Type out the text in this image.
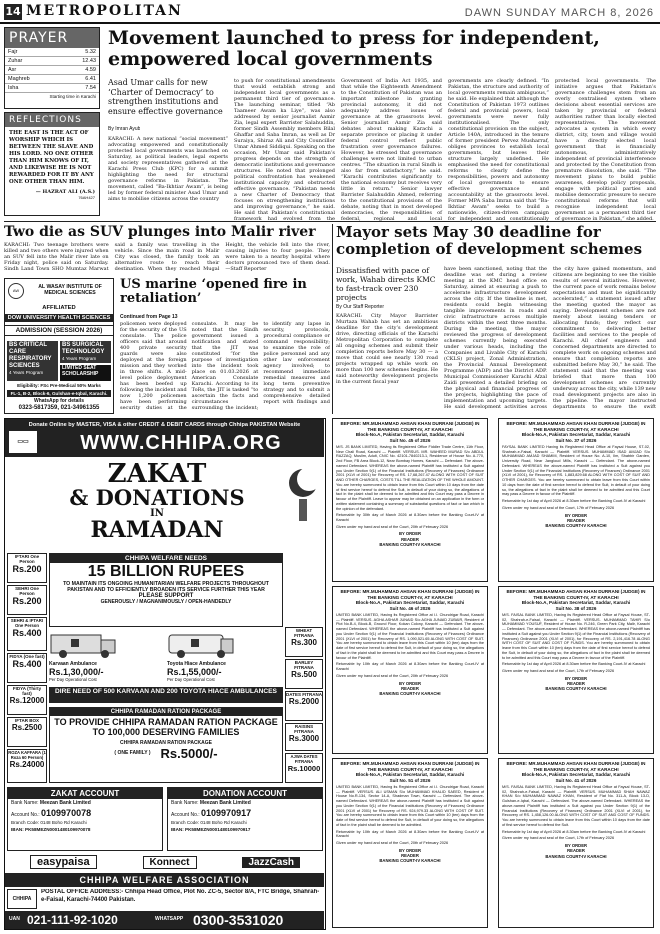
14 METROPOLITAN	DAWN SUNDAY MARCH 8, 2026
PRAYER
Fajr	5.32
Zuhar	12.43
Asr	4.59
Maghreb	6.41
Isha	7.54
Starting time in Karachi
REFLECTIONS
THE EAST IS THE ACT OF WORSHIP WHICH IS BETWEEN THE SLAVE AND HIS LORD. NO ONE OTHER THAN HIM KNOWS OF IT, AND LIKEWISE HE IS NOT REWARDED FOR IT BY ANY ONE OTHER THAN HIM.
— HAZRAT ALI (A.S.)
76AH427
Movement launched to press for independent, empowered local governments
Asad Umar calls for new ‘Charter of Democracy’ to strengthen institutions and ensure effective governance
By Imran Ayub

KARACHI: A new national “social movement” advocating empowered and constitutionally protected local governments was launched on Saturday, as political leaders, legal experts and society representatives gathered at the Karachi Press Club (KPC) for a summit highlighting the need for structural governance reforms in Pakistan. The movement, called “Ba-Ikhtiar Awam”, is being led by former federal minister Asad Umar and aims to mobilise citizens across the country

to push for constitutional amendments that would establish strong and independent local governments as a permanent third tier of governance. The launching seminar, titled “Ab Taameer Awam ka Liye”, was also addressed by senior journalist Aamir Zia, legal expert Barrister Salahuddin, former Sindh Assembly members Bilal Ghaffar and Saba Imran, as well as Dr Suraiya, Shiraz Ali and City Councillor Umar Ahmed Siddiqui. Speaking on the occasion, Mr Umar said Pakistan’s progress depends on the strength of democratic institutions and governance structures. He noted that prolonged political confrontation has weakened institutional capacity and obstructed effective governance. “Pakistan needs a new Charter of Democracy that focuses on strengthening institutions and improving governance,” he said. He said that Pakistan’s constitutional framework had evolved from the Government of India Act 1935, and that while the Eighteenth Amendment to the Constitution of Pakistan was an important milestone in granting provincial autonomy, it did not adequately address issues of governance at the grassroots level. Senior journalist Aamir Zia said debates about making Karachi a separate province or placing it under federal control reflect public frustration over governance failures. However, he stressed that governance challenges were not limited to urban centres. “The situation in rural Sindh is also far from satisfactory,” he said. “Karachi contributes significantly to the national economy but receives very little in return.” Senior lawyer Barrister Salahuddin Ahmed, referring to the constitutional provisions of the debate, noting that in most developed democracies, the responsibilities of federal, regional and local governments are clearly defined. “In Pakistan, the structure and authority of local governments remain ambiguous,” he said. He explained that although the Constitution of Pakistan 1973 outlines federal and provincial powers, local governments were never fully institutionalised. The only constitutional provision on the subject, Article 140A, introduced in the tenure of former president Pervez Musharraf, obliges provinces to establish local governments, but leaves their structure largely undefined. He emphasised the need for constitutional reforms to clearly define the responsibilities, powers and autonomy of local governments to ensure effective governance and accountability at the grassroots level. Former MPA Saba Imran said that “Ba-Ikhtiar Awam” seeks to build a nationwide, citizen-driven campaign for independent and constitutionally protected local governments. The initiative argues that Pakistan’s governance challenges stem from an overly centralised system where decisions about essential services are taken by provincial or federal authorities rather than locally elected representatives. The movement advocates a system in which every district, city, town and village would have a directly elected local government that is financially autonomous, administratively independent of provincial interference and protected by the Constitution from premature dissolution, she said. “The movement plans to build public awareness, develop policy proposals, engage with political parties and mobilise democratic pressure to secure constitutional reforms that will recognise independent local government as a permanent third tier of governance in Pakistan,” she added.

Two die as SUV plunges into Malir river

KARACHI: Two teenage brothers were killed and two others were injured when an SUV fell into the Malir river late on Friday night, police said on Saturday. Sindh Land Town SHO Mumtaz Marwat said a family was travelling in the vehicle. Since the main road in Malir City was closed, the family took an alternative route to reach their destination. When they reached Mugal Height, the vehicle fell into the river, causing injuries to four people. They were taken to a nearby hospital where doctors pronounced two of them dead. —Staff Reporter

Mayor sets May 30 deadline for completion of development schemes
Dissatisfied with pace of work, Wahab directs KMC to fast-track over 230 projects
By Our Staff Reporter

KARACHI: City Mayor Barrister Murtaza Wahab has set an ambitious deadline for the city’s development drive, directing officials of the Karachi Metropolitan Corporation to complete all ongoing schemes and submit their completion reports before May 30 — a move that could see nearly 130 road projects wrapped up while work on more than 100 new schemes begins. He said noteworthy development projects in the current fiscal year

have been sanctioned, noting that the deadline was set during a review meeting at the KMC head office on Saturday, aimed at ensuring a push to accelerate infrastructure development across the city. If the timeline is met, residents could begin witnessing tangible improvements in roads and civic infrastructure across multiple districts within the next three months. During the meeting, the mayor reviewed the progress of development schemes currently being executed under various heads, including the Companies and Livable City of Karachi (CKLS) project, Zonal Administration, the Provincial Annual Development Programme (ADP) and the District ADP. Municipal Commissioner Karachi Afzal Zaidi presented a detailed briefing on the physical and financial progress of the projects, highlighting the pace of implementation and upcoming targets. He said development activities across the city have gained momentum, and citizens are beginning to see the visible results of several initiatives. However, the current pace of work remains below expectations and must be significantly accelerated,” a statement issued after the meeting quoted the mayor as saying. Development schemes are not merely about issuing tenders or allocating funds; they reflect our commitment to delivering better facilities and services to the people of Karachi. All chief engineers and concerned departments are directed to complete work on ongoing schemes and ensure that completion reports are submitted before May 30,” he said. The statement said that the meeting was briefed that more than 100 development schemes are currently underway across the city, while 139 new road development projects are also in the pipeline. The mayor instructed departments to ensure the swift

AW
AL WASAY INSTITUTE OF MEDICAL SCIENCES
AFFILIATED
DOW UNIVERSITY HEALTH SCIENCES
ADMISSION (SESSION 2026)
BS CRITICAL CARE RESPIRATORY SCIENCES
4 Years Program
BS SURGICAL TECHNOLOGY
4 Years Program
LIMITED SEAT SCHOLARSHIP
Eligibility: FSc Pre-Medical 50% Marks
FL-1, B-2, Block-6, Gulshan-e-Iqbal, Karachi.
WhatsApp for details
0323-5817359, 021-34961355
US marine ‘opened fire in retaliation’
Continued from Page 13

policemen were deployed for the security of the US consulate. The police officers said that around 400 private security guards were also deployed at the foreign mission and they worked in three shifts. A mid-level police deployment has been beefed up following the incident and now 1,200 policemen have been performing security duties at the consulate. It may be noted that the Sindh government issued a notification and stated that the JIT was constituted “for the purpose of investigation into the incident took place on 01.03.2026 at American Consulate Karachi. According to its ToRs, the JIT is tasked “to ascertain the facts and circumstances surrounding the incident; to identify any lapse in security, protocols, procedural compliance or command responsibility; to examine the role of police personnel and any other law enforcement agency involved; to recommend immediate remedial measures and long term preventive strategy and to submit a comprehensive detailed report with findings and

Donate Online by MASTER, VISA & other CREDIT & DEBIT CARDS through Chhipa PAKISTAN Website
▭▭	WWW.CHHIPA.ORG
ZAKAT
& DONATIONS
IN
RAMADAN
CHHIPA WELFARE NEEDS
15 BILLION RUPEES
TO MAINTAIN ITS ONGOING HUMANITARIAN WELFARE PROJECTS THROUGHOUT PAKISTAN AND TO EFFICIENTLY BROADEN ITS SERVICE FURTHER THIS YEAR
PLEASE SUPPORT
GENEROUSLY / MAGNANIMOUSLY / OPEN-HANDEDLY
IFTARI One Person
Rs.200
SEHRI One Person
Rs.200
SEHRI & IFTARI One Person
Rs.400
FIDYA (One fast)
Rs.400
FIDYA (Thirty fast)
Rs.12000
IFTAR BOX
Rs.2500
ROZA KAFFARA (1 Roza 60 Person)
Rs.24000
WHEAT FITRANA
Rs.300
BARLEY FITRANA
Rs.500
DATES FITRANA
Rs.2000
RAISINS FITRANA
Rs.3000
AJWA DATES FITRANA
Rs.10000
Karvaan Ambulance
Rs.1,30,000/-
Per Day Operational Cost
Toyota Hiace Ambulance
Rs.1,55,000/-
Per Day Operational Cost
DIRE NEED OF 500 KARVAAN AND 200 TOYOTA HIACE AMBULANCES
CHHIPA RAMADAN RATION PACKAGE
TO PROVIDE CHHIPA RAMADAN RATION PACKAGE TO 100,000 DESERVING FAMILIES
CHHIPA RAMADAN RATION PACKAGE
( ONE FAMILY ) Rs.5000/-
ZAKAT ACCOUNT
Bank Name: Meezan Bank Limited
Account No.: 0109970078
Branch Code: 0148 Boho Rd Karachi
IBAN: PK58MEZN0001480109970078
DONATION ACCOUNT
Bank Name: Meezan Bank Limited
Account No.: 0109970917
Branch Code: 0148 Boho Rd Karachi
IBAN: PK58MEZN0001480109970917
easypaisa	Konnect	JazzCash
CHHIPA WELFARE ASSOCIATION
CHHIPA
POSTAL OFFICE ADDRESS:- Chhipa Head Office, Plot No. ZC-5, Sector 8/A, FTC Bridge, Shahrah-e-Faisal, Karachi-74400 Pakistan.
UAN 021-111-92-1020	WHATSAPP 0300-3531020
BEFORE: MR.MUHAMMAD AHSAN KHAN DURRANI (JUDGE) IN THE BANKING COURT-IV, AT KARACHI
Block-No.A, Pakistan Secretariat, Saddar, Karachi
Suit No. 45 of 2026
M/S. JS BANK LIMITED, Having its Registered Office Fiddler Trade Centre, 11th Floor, New Chali Road, Karachi — Plaintiff. VERSUS. MR. WAHEED MURAD S/o ABDUL RAZZAQ, Muslim, Adult, CNIC No. 42101-7840213-1, Residence of House No. A-770, 2nd Floor, FB Area Block-12, Near Bombay Homes, Karachi — Defendant. The above-named Defendant. WHEREAS the above-named Plaintiff has instituted a Suit against you Under Section 9(1) of the Financial Institutions (Recovery of Finances) Ordinance 2001 (XLVI of 2001) for Recovery of RS. 17,68,267.47 ALONG WITH COST OF SUIT AND OTHER CHARGES, COSTS TILL THE REALIZATION OF THE WHOLE AMOUNT. You are hereby summoned to obtain leave from this Court within 10 days from the date of first service hereof to defend the Suit, in default of your doing so, the allegations of fact in the plaint shall be deemed to be admitted and this Court may pass a Decree in favour of the Plaintiff. Leave to appear may be obtained on an application in the form or written statement containing a summary of substantial questions of fact or law which in the opinion of the defendant.
Returnable by 30th day of March 2026 at 8.30am before the Banking Court-IV at Karachi
Given under my hand and seal of the Court, 20th of February 2026
BY ORDER
READER
BANKING COURT-IV KARACHI
BEFORE: MR.MUHAMMAD AHSAN KHAN DURRANI (JUDGE) IN THE BANKING COURT-IV, AT KARACHI
Block-No.A, Pakistan Secretariat, Saddar, Karachi
Suit No. 37 of 2026
FAYSAL BANK LIMITED Having its Registered Head Office at Faysal House, ST-02, Shahrah-e-Faisal, Karachi — Plaintiff. VERSUS. MUHAMMAD ISAD AMJAD S/o MUHAMMAD AMJAD SHAMIM, Resident of House No. A-10, Ilm, Shabbir Garden, University Road, Near Jangloud Mills, Karachi — Defendant. The above-named Defendant. WHEREAS the above-named Plaintiff has instituted a Suit against you Under Section 9(1) of the Financial Institutions (Recovery of Finances) Ordinance 2001 (XLVI of 2001), for Recovery of RS. 1,883,829.68 ALONG WITH COST OF SUIT AND OTHER CHARGES. You are hereby summoned to obtain leave from this Court within 10 days from the date of first service hereof to defend the Suit, in default of your doing so, the allegations of fact in the plaint shall be deemed to be admitted and this Court may pass a Decree in favour of the Plaintiff.
Returnable by 1st day of April 2026 at 8.30am before the Banking Court-IV at Karachi
Given under my hand and seal of the Court, 17th of February 2026
BY ORDER
READER
BANKING COURT-IV KARACHI
BEFORE: MR.MUHAMMAD AHSAN KHAN DURRANI (JUDGE) IN THE BANKING COURT-IV, AT KARACHI
Block-No.A, Pakistan Secretariat, Saddar, Karachi
Suit No. 46 of 2026
UNITED BANK LIMITED, Having its Registered Office at I.I. Chundrigar Road, Karachi — Plaintiff. VERSUS. AGHA ASHAR JUNAID S/o AGHA JUNAID ZUBAIR, Resident of Plot No.B-4, Block-B, Ground Floor, Kokan Colony, Karachi — Defendant. The above-named Defendant. WHEREAS the above-named Plaintiff has instituted a Suit against you Under Section 9(1) of the Financial Institutions (Recovery of Finances) Ordinance 2001 (XLVI of 2001) for Recovery of RS. 1,090,521.65 ALONG WITH COST OF SUIT. You are hereby summoned to obtain leave from this Court within 10 (ten) days from the date of first service hereof to defend the Suit, in default of your doing so, the allegations of fact in the plaint shall be deemed to be admitted and this Court may pass a Decree in favour of the Plaintiff.
Returnable by 10th day of March 2026 at 8.30am before the Banking Court-IV at Karachi
Given under my hand and seal of the Court, 20th of February 2026
BY ORDER
READER
BANKING COURT-IV KARACHI
BEFORE: MR.MUHAMMAD AHSAN KHAN DURRANI (JUDGE) IN THE BANKING COURT-IV, AT KARACHI
Block-No.A, Pakistan Secretariat, Saddar, Karachi
Suit No. 38 of 2026
M/S. FAISAL BANK LIMITED, Having its Registered Head Office at Faysal House, ST-02, Shahrah-e-Faisal, Karachi — Plaintiff. VERSUS. MUHAMMAD TAHIR S/o MUHAMMAD YOUSUF, Resident of House No. R-246, Green Park City, Malir, Karachi — Defendant. The above-named Defendant. WHEREAS the above-named Plaintiff has instituted a Suit against you Under Section 9(1) of the Financial Institutions (Recovery of Finances) Ordinance 2001 (XLVI of 2001), for Recovery of RS. 2,191,416.78 ALONG WITH COST OF SUIT AND COST OF FUNDS. You are hereby summoned to obtain leave from this Court within 10 (ten) days from the date of first service hereof to defend the Suit, in default of your doing so, the allegations of fact in the plaint shall be deemed to be admitted and this Court may pass a Decree in favour of the Plaintiff.
Returnable by 1st day of April 2026 at 8.30am before the Banking Court-IV at Karachi
Given under my hand and seal of the Court, 17th of February 2026
BY ORDER
READER
BANKING COURT-IV KARACHI
BEFORE: MR.MUHAMMAD AHSAN KHAN DURRANI (JUDGE) IN THE BANKING COURT-IV, AT KARACHI
Block-No.A, Pakistan Secretariat, Saddar, Karachi
Suit No. 51 of 2026
UNITED BANK LIMITED, Having its Registered Office at I.I. Chundrigar Road, Karachi — Plaintiff. VERSUS. ALI USMAN S/o MUHAMMAD KHALID SAEED, Resident of House No.R-134, Sector 14-A, Shadman Town, Karachi — Defendant. The above-named Defendant. WHEREAS the above-named Plaintiff has instituted a Suit against you Under Section 9(1) of the Financial Institutions (Recovery of Finances) Ordinance 2001 (XLVI of 2001) for Recovery of RS. 924,979.33 ALONG WITH COST OF SUIT. You are hereby summoned to obtain leave from this Court within 10 (ten) days from the date of first service hereof to defend the Suit, in default of your doing so, the allegations of fact in the plaint shall be deemed to be admitted.
Returnable by 10th day of March 2026 at 8.30am before the Banking Court-IV at Karachi
Given under my hand and seal of the Court, 20th of February 2026
BY ORDER
READER
BANKING COURT-IV KARACHI
BEFORE: MR.MUHAMMAD AHSAN KHAN DURRANI (JUDGE) IN THE BANKING COURT-IV, AT KARACHI
Block-No.A, Pakistan Secretariat, Saddar, Karachi
Suit No. 41 of 2026
M/S. FAISAL BANK LIMITED, Having its Registered Head Office at Faysal House, ST-02, Shahrah-e-Faisal, Karachi — Plaintiff. VERSUS. MUHAMMAD SHAH NAWAZ KHAN S/o MUHAMMAD NAWAZ KHAN, Resident of Flat No. 311-A, Block 13-D, Gulshan-e-Iqbal, Karachi — Defendant. The above-named Defendant. WHEREAS the above-named Plaintiff has instituted a Suit against you Under Section 9(1) of the Financial Institutions (Recovery of Finances) Ordinance 2001 (XLVI of 2001), for Recovery of RS. 1,458,126.00 ALONG WITH COST OF SUIT AND COST OF FUNDS. You are hereby summoned to obtain leave from this Court within 10 days from the date of first service hereof to defend the Suit.
Returnable by 1st day of April 2026 at 8.30am before the Banking Court-IV at Karachi
Given under my hand and seal of the Court, 17th of February 2026
BY ORDER
READER
BANKING COURT-IV KARACHI
